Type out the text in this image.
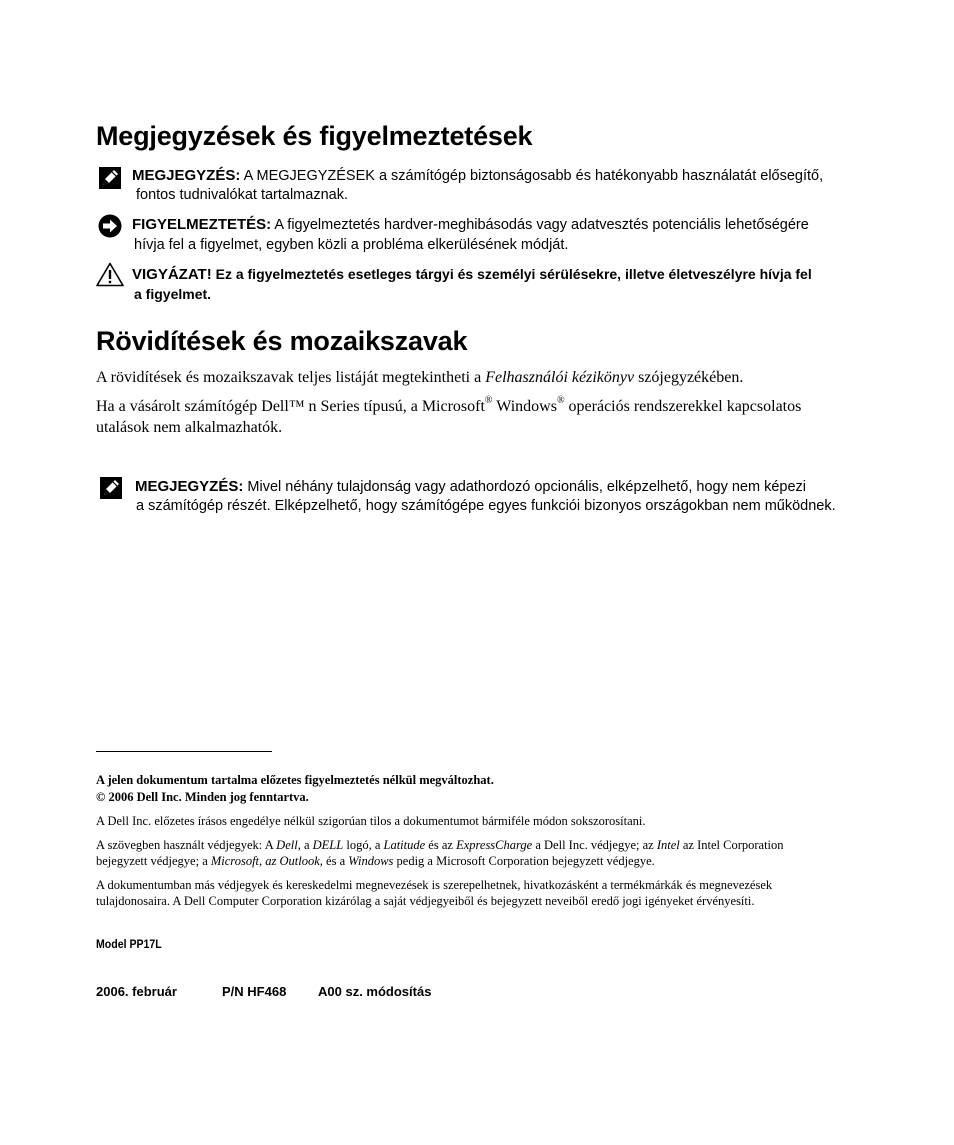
Megjegyzések és figyelmeztetések
MEGJEGYZÉS: A MEGJEGYZÉSEK a számítógép biztonságosabb és hatékonyabb használatát elősegítő,
fontos tudnivalókat tartalmaznak.
FIGYELMEZTETÉS: A figyelmeztetés hardver-meghibásodás vagy adatvesztés potenciális lehetőségére
hívja fel a figyelmet, egyben közli a probléma elkerülésének módját.
VIGYÁZAT! Ez a figyelmeztetés esetleges tárgyi és személyi sérülésekre, illetve életveszélyre hívja fel
a figyelmet.
Rövidítések és mozaikszavak
A rövidítések és mozaikszavak teljes listáját megtekintheti a Felhasználói kézikönyv szójegyzékében.
Ha a vásárolt számítógép Dell™ n Series típusú, a Microsoft® Windows® operációs rendszerekkel kapcsolatos
utalások nem alkalmazhatók.
MEGJEGYZÉS: Mivel néhány tulajdonság vagy adathordozó opcionális, elképzelhető, hogy nem képezi
a számítógép részét. Elképzelhető, hogy számítógépe egyes funkciói bizonyos országokban nem működnek.
A jelen dokumentum tartalma előzetes figyelmeztetés nélkül megváltozhat.
© 2006 Dell Inc. Minden jog fenntartva.
A Dell Inc. előzetes írásos engedélye nélkül szigorúan tilos a dokumentumot bármiféle módon sokszorosítani.
A szövegben használt védjegyek: A Dell, a DELL logó, a Latitude és az ExpressCharge a Dell Inc. védjegye; az Intel az Intel Corporation
bejegyzett védjegye; a Microsoft, az Outlook, és a Windows pedig a Microsoft Corporation bejegyzett védjegye.
A dokumentumban más védjegyek és kereskedelmi megnevezések is szerepelhetnek, hivatkozásként a termékmárkák és megnevezések
tulajdonosaira. A Dell Computer Corporation kizárólag a saját védjegyeiből és bejegyzett neveiből eredő jogi igényeket érvényesíti.
Model PP17L
2006. február	P/N HF468 A00 sz. módosítás
